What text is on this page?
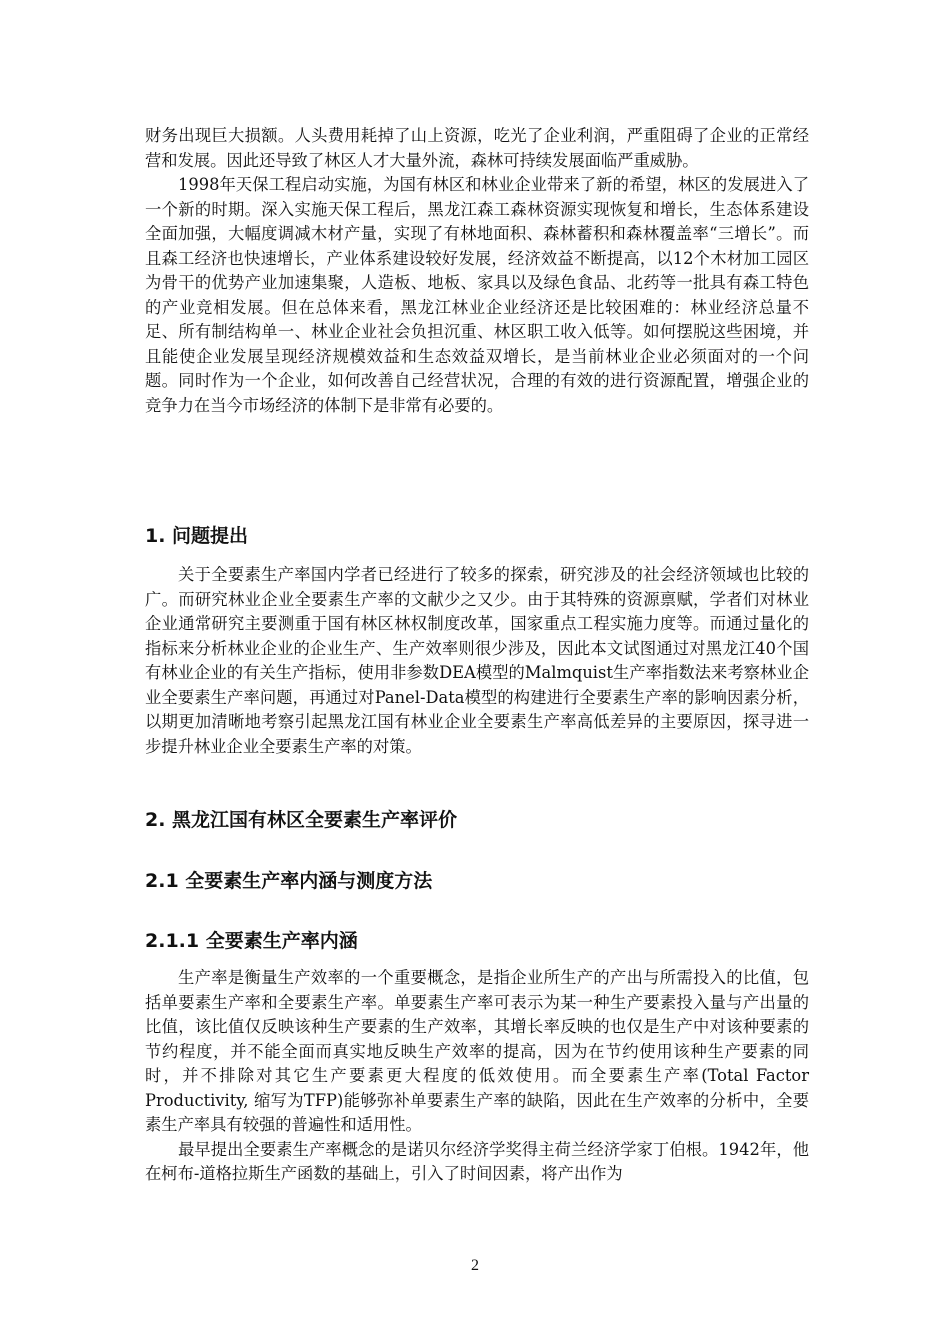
财务出现巨大损额。人头费用耗掉了山上资源，吃光了企业利润，严重阻碍了企业的正常经营和发展。因此还导致了林区人才大量外流，森林可持续发展面临严重威胁。

1998年天保工程启动实施，为国有林区和林业企业带来了新的希望，林区的发展进入了一个新的时期。深入实施天保工程后，黑龙江森工森林资源实现恢复和增长，生态体系建设全面加强，大幅度调减木材产量，实现了有林地面积、森林蓄积和森林覆盖率“三增长”。而且森工经济也快速增长，产业体系建设较好发展，经济效益不断提高，以12个木材加工园区为骨干的优势产业加速集聚，人造板、地板、家具以及绿色食品、北药等一批具有森工特色的产业竞相发展。但在总体来看，黑龙江林业企业经济还是比较困难的：林业经济总量不足、所有制结构单一、林业企业社会负担沉重、林区职工收入低等。如何摆脱这些困境，并且能使企业发展呈现经济规模效益和生态效益双增长，是当前林业企业必须面对的一个问题。同时作为一个企业，如何改善自己经营状况，合理的有效的进行资源配置，增强企业的竞争力在当今市场经济的体制下是非常有必要的。

1. 问题提出

关于全要素生产率国内学者已经进行了较多的探索，研究涉及的社会经济领域也比较的广。而研究林业企业全要素生产率的文献少之又少。由于其特殊的资源禀赋，学者们对林业企业通常研究主要测重于国有林区林权制度改革，国家重点工程实施力度等。而通过量化的指标来分析林业企业的企业生产、生产效率则很少涉及，因此本文试图通过对黑龙江40个国有林业企业的有关生产指标，使用非参数DEA模型的Malmquist生产率指数法来考察林业企业全要素生产率问题，再通过对Panel-Data模型的构建进行全要素生产率的影响因素分析，以期更加清晰地考察引起黑龙江国有林业企业全要素生产率高低差异的主要原因，探寻进一步提升林业企业全要素生产率的对策。

2. 黑龙江国有林区全要素生产率评价
2.1 全要素生产率内涵与测度方法
2.1.1 全要素生产率内涵

生产率是衡量生产效率的一个重要概念，是指企业所生产的产出与所需投入的比值，包括单要素生产率和全要素生产率。单要素生产率可表示为某一种生产要素投入量与产出量的比值，该比值仅反映该种生产要素的生产效率，其增长率反映的也仅是生产中对该种要素的节约程度，并不能全面而真实地反映生产效率的提高，因为在节约使用该种生产要素的同时，并不排除对其它生产要素更大程度的低效使用。而全要素生产率(Total Factor Productivity, 缩写为TFP)能够弥补单要素生产率的缺陷，因此在生产效率的分析中，全要素生产率具有较强的普遍性和适用性。

最早提出全要素生产率概念的是诺贝尔经济学奖得主荷兰经济学家丁伯根。1942年，他在柯布-道格拉斯生产函数的基础上，引入了时间因素，将产出作为

2
